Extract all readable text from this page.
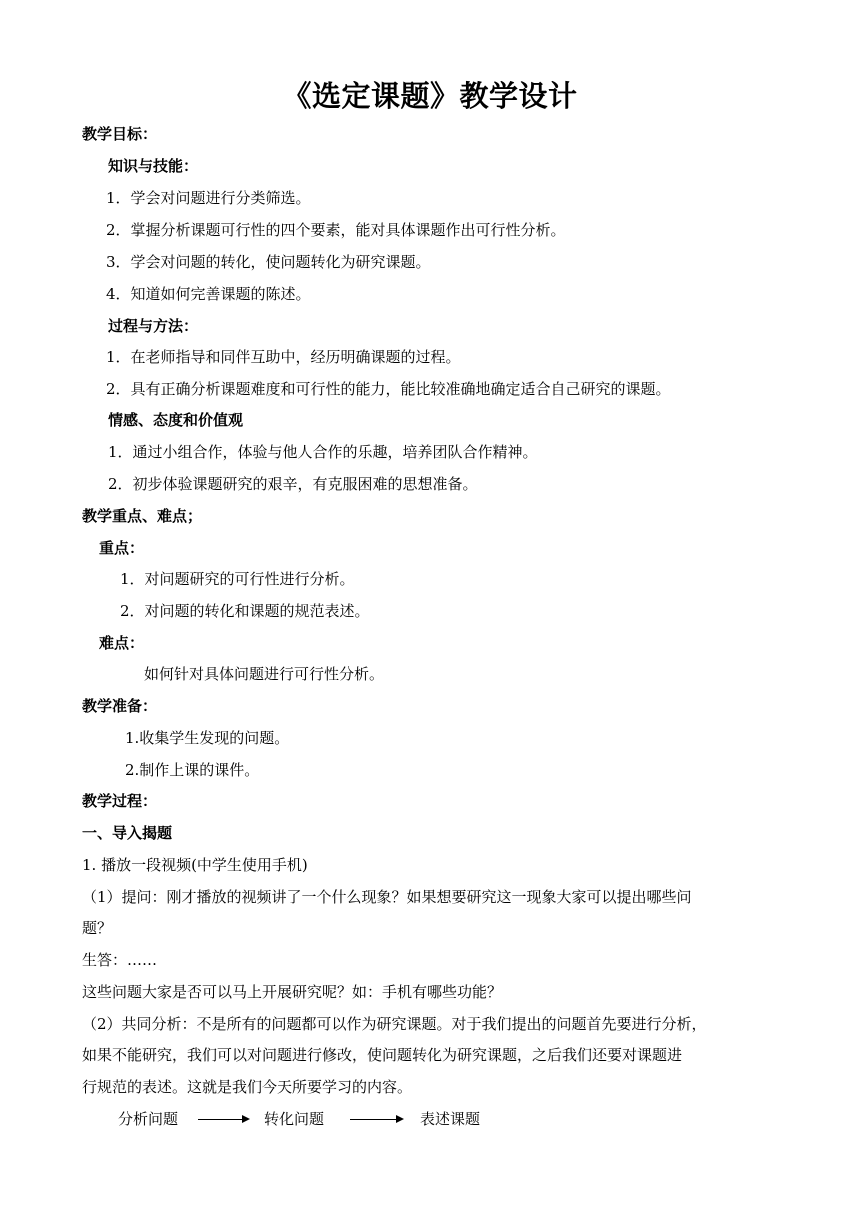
《选定课题》教学设计
教学目标：
知识与技能：
1．学会对问题进行分类筛选。
2．掌握分析课题可行性的四个要素，能对具体课题作出可行性分析。
3．学会对问题的转化，使问题转化为研究课题。
4．知道如何完善课题的陈述。
过程与方法：
1．在老师指导和同伴互助中，经历明确课题的过程。
2．具有正确分析课题难度和可行性的能力，能比较准确地确定适合自己研究的课题。
情感、态度和价值观
1．通过小组合作，体验与他人合作的乐趣，培养团队合作精神。
2．初步体验课题研究的艰辛，有克服困难的思想准备。
教学重点、难点；
重点：
1．对问题研究的可行性进行分析。
2．对问题的转化和课题的规范表述。
难点：
如何针对具体问题进行可行性分析。
教学准备：
1.收集学生发现的问题。
2.制作上课的课件。
教学过程：
一、导入揭题
1. 播放一段视频(中学生使用手机)
（1）提问：刚才播放的视频讲了一个什么现象？如果想要研究这一现象大家可以提出哪些问
题？
生答：……
这些问题大家是否可以马上开展研究呢？如：手机有哪些功能？
（2）共同分析：不是所有的问题都可以作为研究课题。对于我们提出的问题首先要进行分析，
如果不能研究，我们可以对问题进行修改，使问题转化为研究课题，之后我们还要对课题进
行规范的表述。这就是我们今天所要学习的内容。
分析问题	转化问题	表述课题
